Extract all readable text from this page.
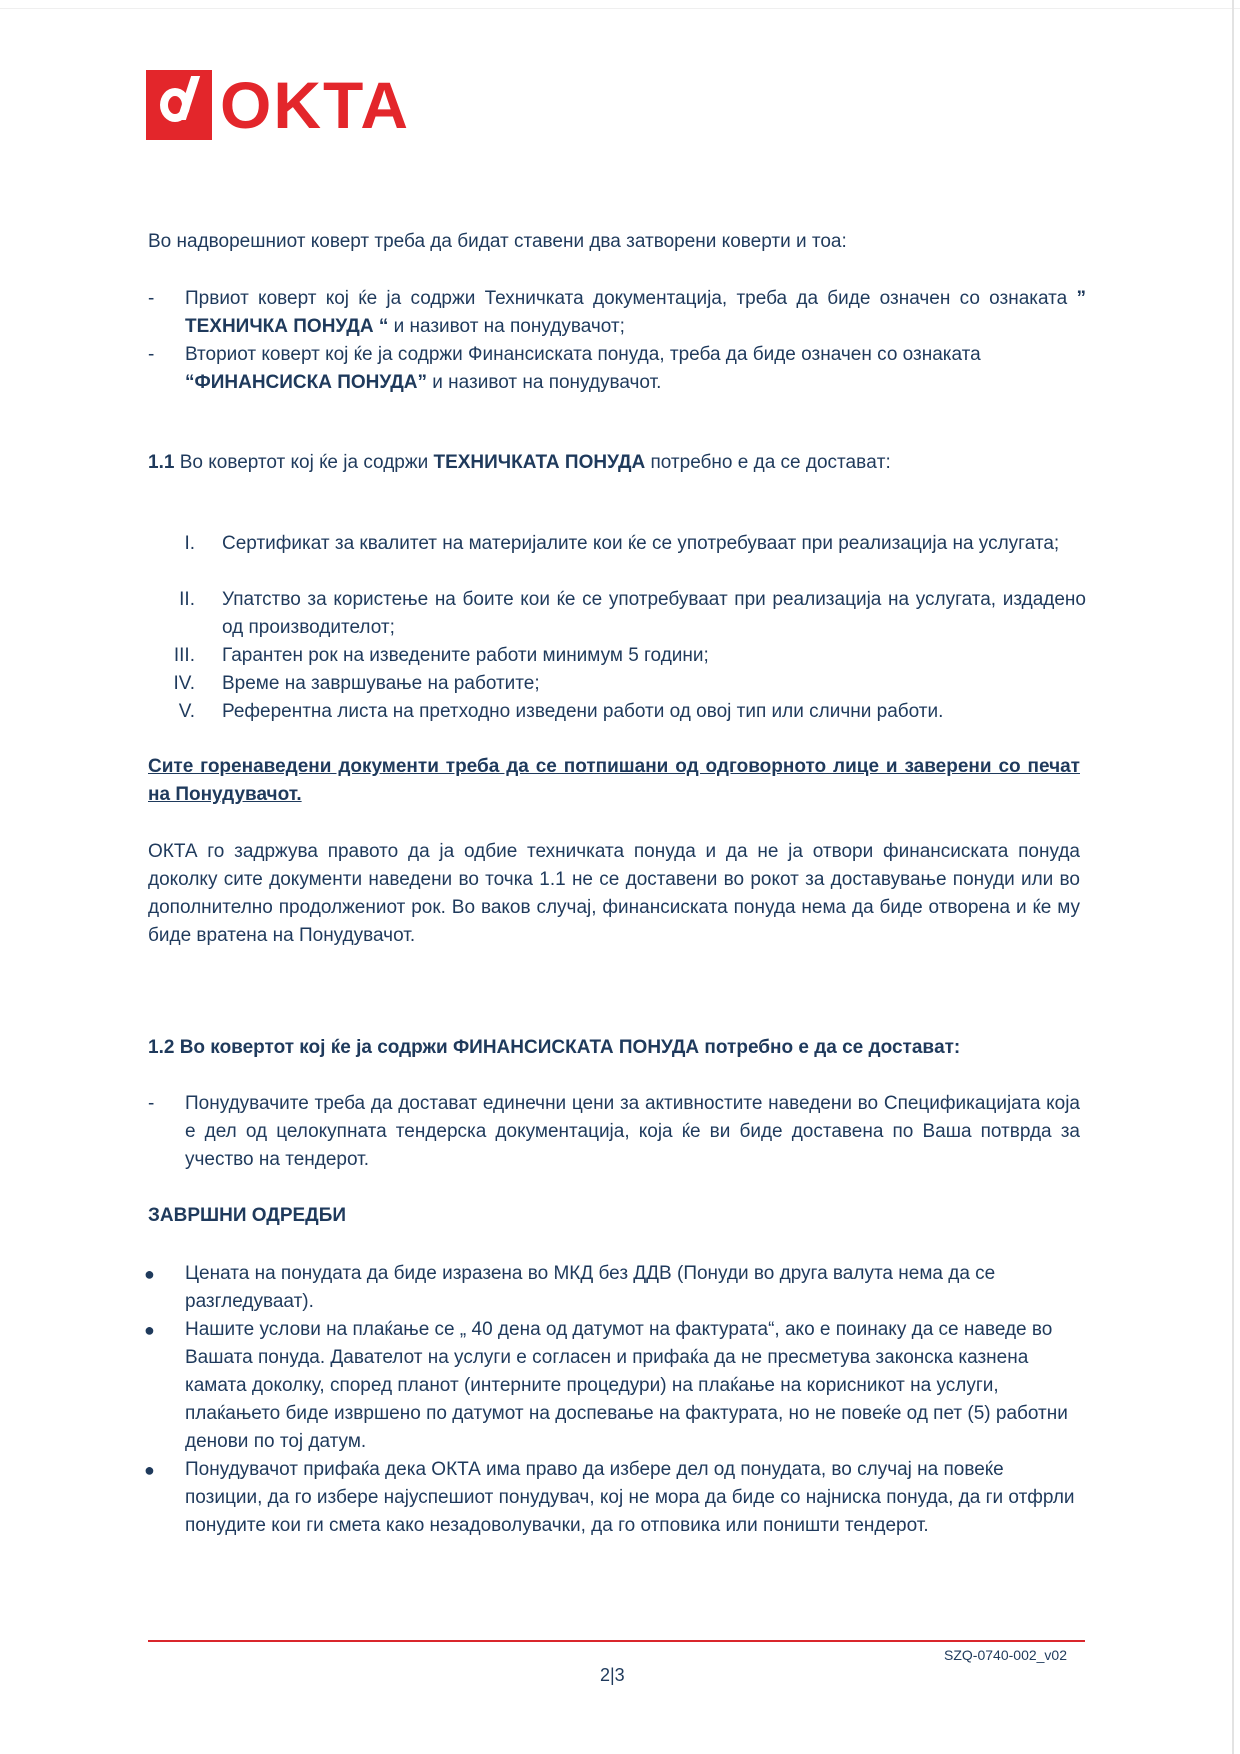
OKTA
Во надворешниот коверт треба да бидат ставени два затворени коверти и тоа:
- Првиот коверт кој ќе ја содржи Техничката документација, треба да биде означен со ознаката ” ТЕХНИЧКА ПОНУДА “ и називот на понудувачот;
- Вториот коверт кој ќе ја содржи Финансиската понуда, треба да биде означен со ознаката “ФИНАНСИСКА ПОНУДА” и називот на понудувачот.
1.1 Во ковертот кој ќе ја содржи ТЕХНИЧКАТА ПОНУДА потребно е да се доставaт:
I. Сертификат за квалитет на материјалите кои ќе се употребуваат при реализација на услугата;
II. Упатство за користење на боите кои ќе се употребуваат при реализација на услугата, издадено од производителот;
III. Гарантен рок на изведените работи минимум 5 години;
IV. Време на завршување на работите;
V. Референтна листа на претходно изведени работи од овој тип или слични работи.
Сите горенаведени документи треба да се потпишани од одговорното лице и заверени со печат на Понудувачот.
ОКТА го задржува правото да ја одбие техничката понуда и да не ја отвори финансиската понуда доколку сите документи наведени во точка 1.1 не се доставени во рокот за доставување понуди или во дополнително продолжениот рок. Во ваков случај, финансиската понуда нема да биде отворена и ќе му биде вратена на Понудувачот.
1.2 Во ковертот кој ќе ја содржи ФИНАНСИСКАТА ПОНУДА потребно е да се доставaт:
- Понудувачите треба да достават единечни цени за активностите наведени во Спецификацијата која е дел од целокупната тендерска документација, која ќе ви биде доставена по Ваша потврда за учество на тендерот.
ЗАВРШНИ ОДРЕДБИ
● Цената на понудата да биде изразена во МКД без ДДВ (Понуди во друга валута нема да се разгледуваат).
● Нашите услови на плаќање се „ 40 дена од датумот на фактурата“, ако е поинаку да се наведе во Вашата понуда. Давателот на услуги е согласен и прифаќа да не пресметува законска казнена камата доколку, според планот (интерните процедури) на плаќање на корисникот на услуги, плаќањето биде извршено по датумот на доспевање на фактурата, но не повеќе од пет (5) работни денови по тој датум.
● Понудувачот прифаќа дека ОКТА има право да избере дел од понудата, во случај на повеќе позиции, да го избере најуспешиот понудувач, кој не мора да биде со најниска понуда, да ги отфрли понудите кои ги смета како незадоволувачки, да го отповика или поништи тендерот.
SZQ-0740-002_v02
2|3
